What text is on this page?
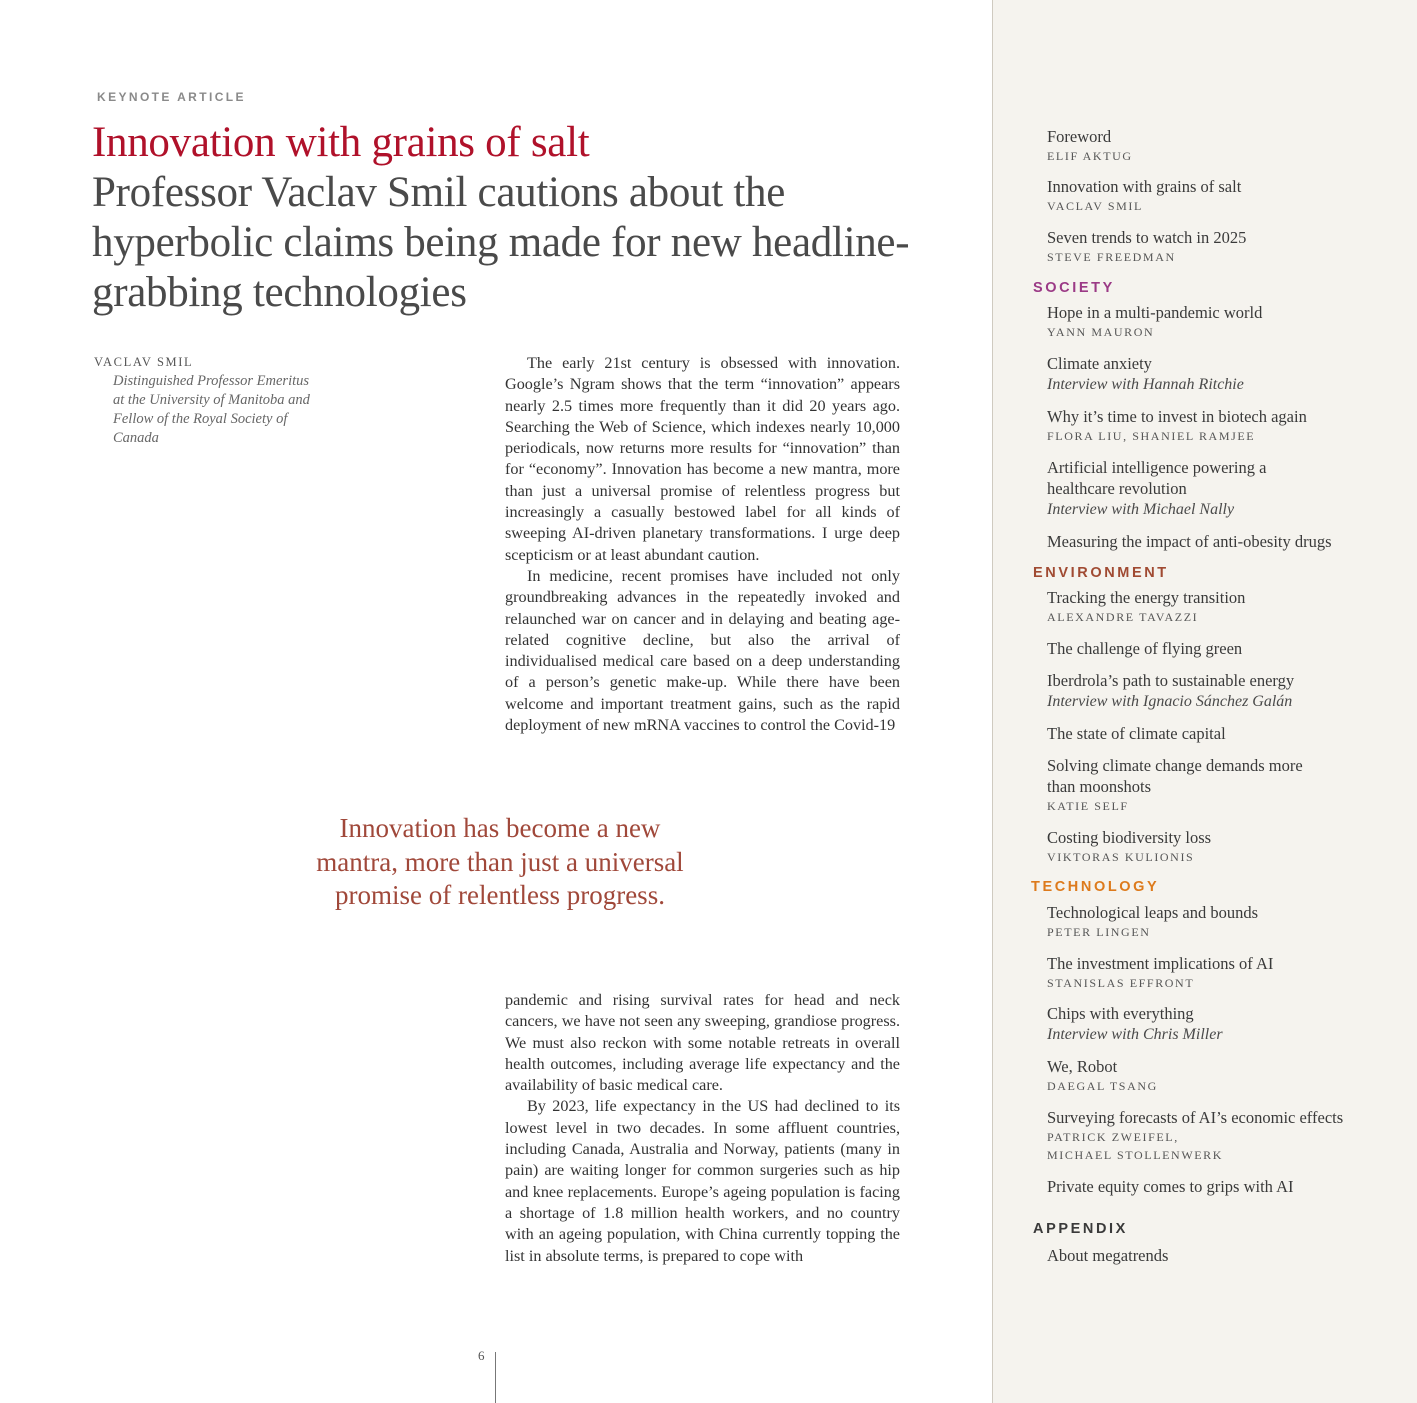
KEYNOTE ARTICLE
Innovation with grains of salt
Professor Vaclav Smil cautions about the hyperbolic claims being made for new headline-grabbing technologies
VACLAV SMIL
Distinguished Professor Emeritus at the University of Manitoba and Fellow of the Royal Society of Canada

The early 21st century is obsessed with innovation. Google’s Ngram shows that the term “innovation” appears nearly 2.5 times more frequently than it did 20 years ago. Searching the Web of Science, which indexes nearly 10,000 periodicals, now returns more results for “innovation” than for “economy”. Innovation has become a new mantra, more than just a universal promise of relentless progress but increasingly a casually bestowed label for all kinds of sweeping AI-driven planetary transformations. I urge deep scepticism or at least abundant caution.

In medicine, recent promises have included not only groundbreaking advances in the repeatedly invoked and relaunched war on cancer and in delaying and beating age-related cognitive decline, but also the arrival of individualised medical care based on a deep understanding of a person’s genetic make-up. While there have been welcome and important treatment gains, such as the rapid deployment of new mRNA vaccines to control the Covid-19

Innovation has become a new mantra, more than just a universal promise of relentless progress.

pandemic and rising survival rates for head and neck cancers, we have not seen any sweeping, grandiose progress. We must also reckon with some notable retreats in overall health outcomes, including average life expectancy and the availability of basic medical care.

By 2023, life expectancy in the US had declined to its lowest level in two decades. In some affluent countries, including Canada, Australia and Norway, patients (many in pain) are waiting longer for common surgeries such as hip and knee replacements. Europe’s ageing population is facing a shortage of 1.8 million health workers, and no country with an ageing population, with China currently topping the list in absolute terms, is prepared to cope with

6
Foreword
ELIF AKTUG
Innovation with grains of salt
VACLAV SMIL
Seven trends to watch in 2025
STEVE FREEDMAN
SOCIETY
Hope in a multi-pandemic world
YANN MAURON
Climate anxiety
Interview with Hannah Ritchie
Why it’s time to invest in biotech again
FLORA LIU, SHANIEL RAMJEE
Artificial intelligence powering a healthcare revolution
Interview with Michael Nally
Measuring the impact of anti-obesity drugs
ENVIRONMENT
Tracking the energy transition
ALEXANDRE TAVAZZI
The challenge of flying green
Iberdrola’s path to sustainable energy
Interview with Ignacio Sánchez Galán
The state of climate capital
Solving climate change demands more than moonshots
KATIE SELF
Costing biodiversity loss
VIKTORAS KULIONIS
TECHNOLOGY
Technological leaps and bounds
PETER LINGEN
The investment implications of AI
STANISLAS EFFRONT
Chips with everything
Interview with Chris Miller
We, Robot
DAEGAL TSANG
Surveying forecasts of AI’s economic effects
PATRICK ZWEIFEL,
MICHAEL STOLLENWERK
Private equity comes to grips with AI
APPENDIX
About megatrends
